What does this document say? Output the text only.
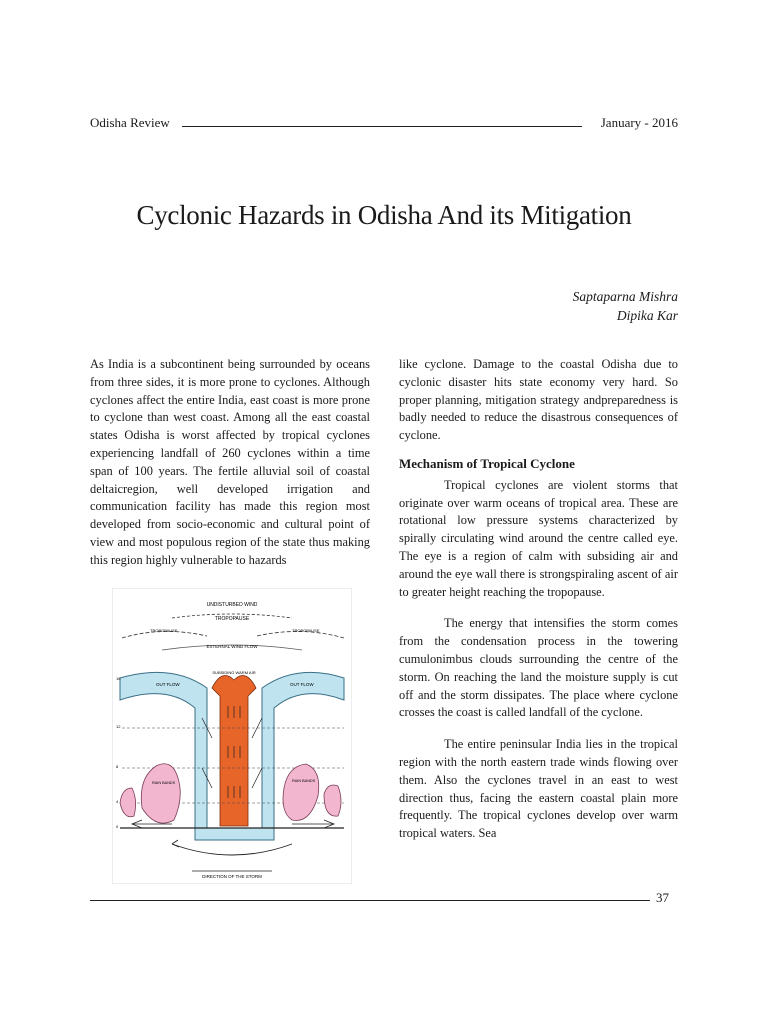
Odisha Review	January - 2016
Cyclonic Hazards in Odisha And its Mitigation
Saptaparna Mishra
Dipika Kar

As India is a subcontinent being surrounded by oceans from three sides, it is more prone to cyclones. Although cyclones affect the entire India, east coast is more prone to cyclone than west coast. Among all the east coastal states Odisha is worst affected by tropical cyclones experiencing landfall of 260 cyclones within a time span of 100 years. The fertile alluvial soil of coastal deltaicregion, well developed irrigation and communication facility has made this region most developed from socio-economic and cultural point of view and most populous region of the state thus making this region highly vulnerable to hazards

UNDISTURBED WIND
TROPOPAUSE
TROPOPAUSE	TROPOPAUSE
EXTERNAL WIND FLOW
OUT FLOW	OUT FLOW
SUBSIDING WARM AIR
16
12
8
4
0
RAIN BANDS	RAIN BANDS
DIRECTION OF THE STORM

like cyclone. Damage to the coastal Odisha due to cyclonic disaster hits state economy very hard. So proper planning, mitigation strategy andpreparedness is badly needed to reduce the disastrous consequences of cyclone.

Mechanism of Tropical Cyclone

Tropical cyclones are violent storms that originate over warm oceans of tropical area. These are rotational low pressure systems characterized by spirally circulating wind around the centre called eye. The eye is a region of calm with subsiding air and around the eye wall there is strongspiraling ascent of air to greater height reaching the tropopause.

The energy that intensifies the storm comes from the condensation process in the towering cumulonimbus clouds surrounding the centre of the storm. On reaching the land the moisture supply is cut off and the storm dissipates. The place where cyclone crosses the coast is called landfall of the cyclone.

The entire peninsular India lies in the tropical region with the north eastern trade winds flowing over them. Also the cyclones travel in an east to west direction thus, facing the eastern coastal plain more frequently. The tropical cyclones develop over warm tropical waters. Sea

37
